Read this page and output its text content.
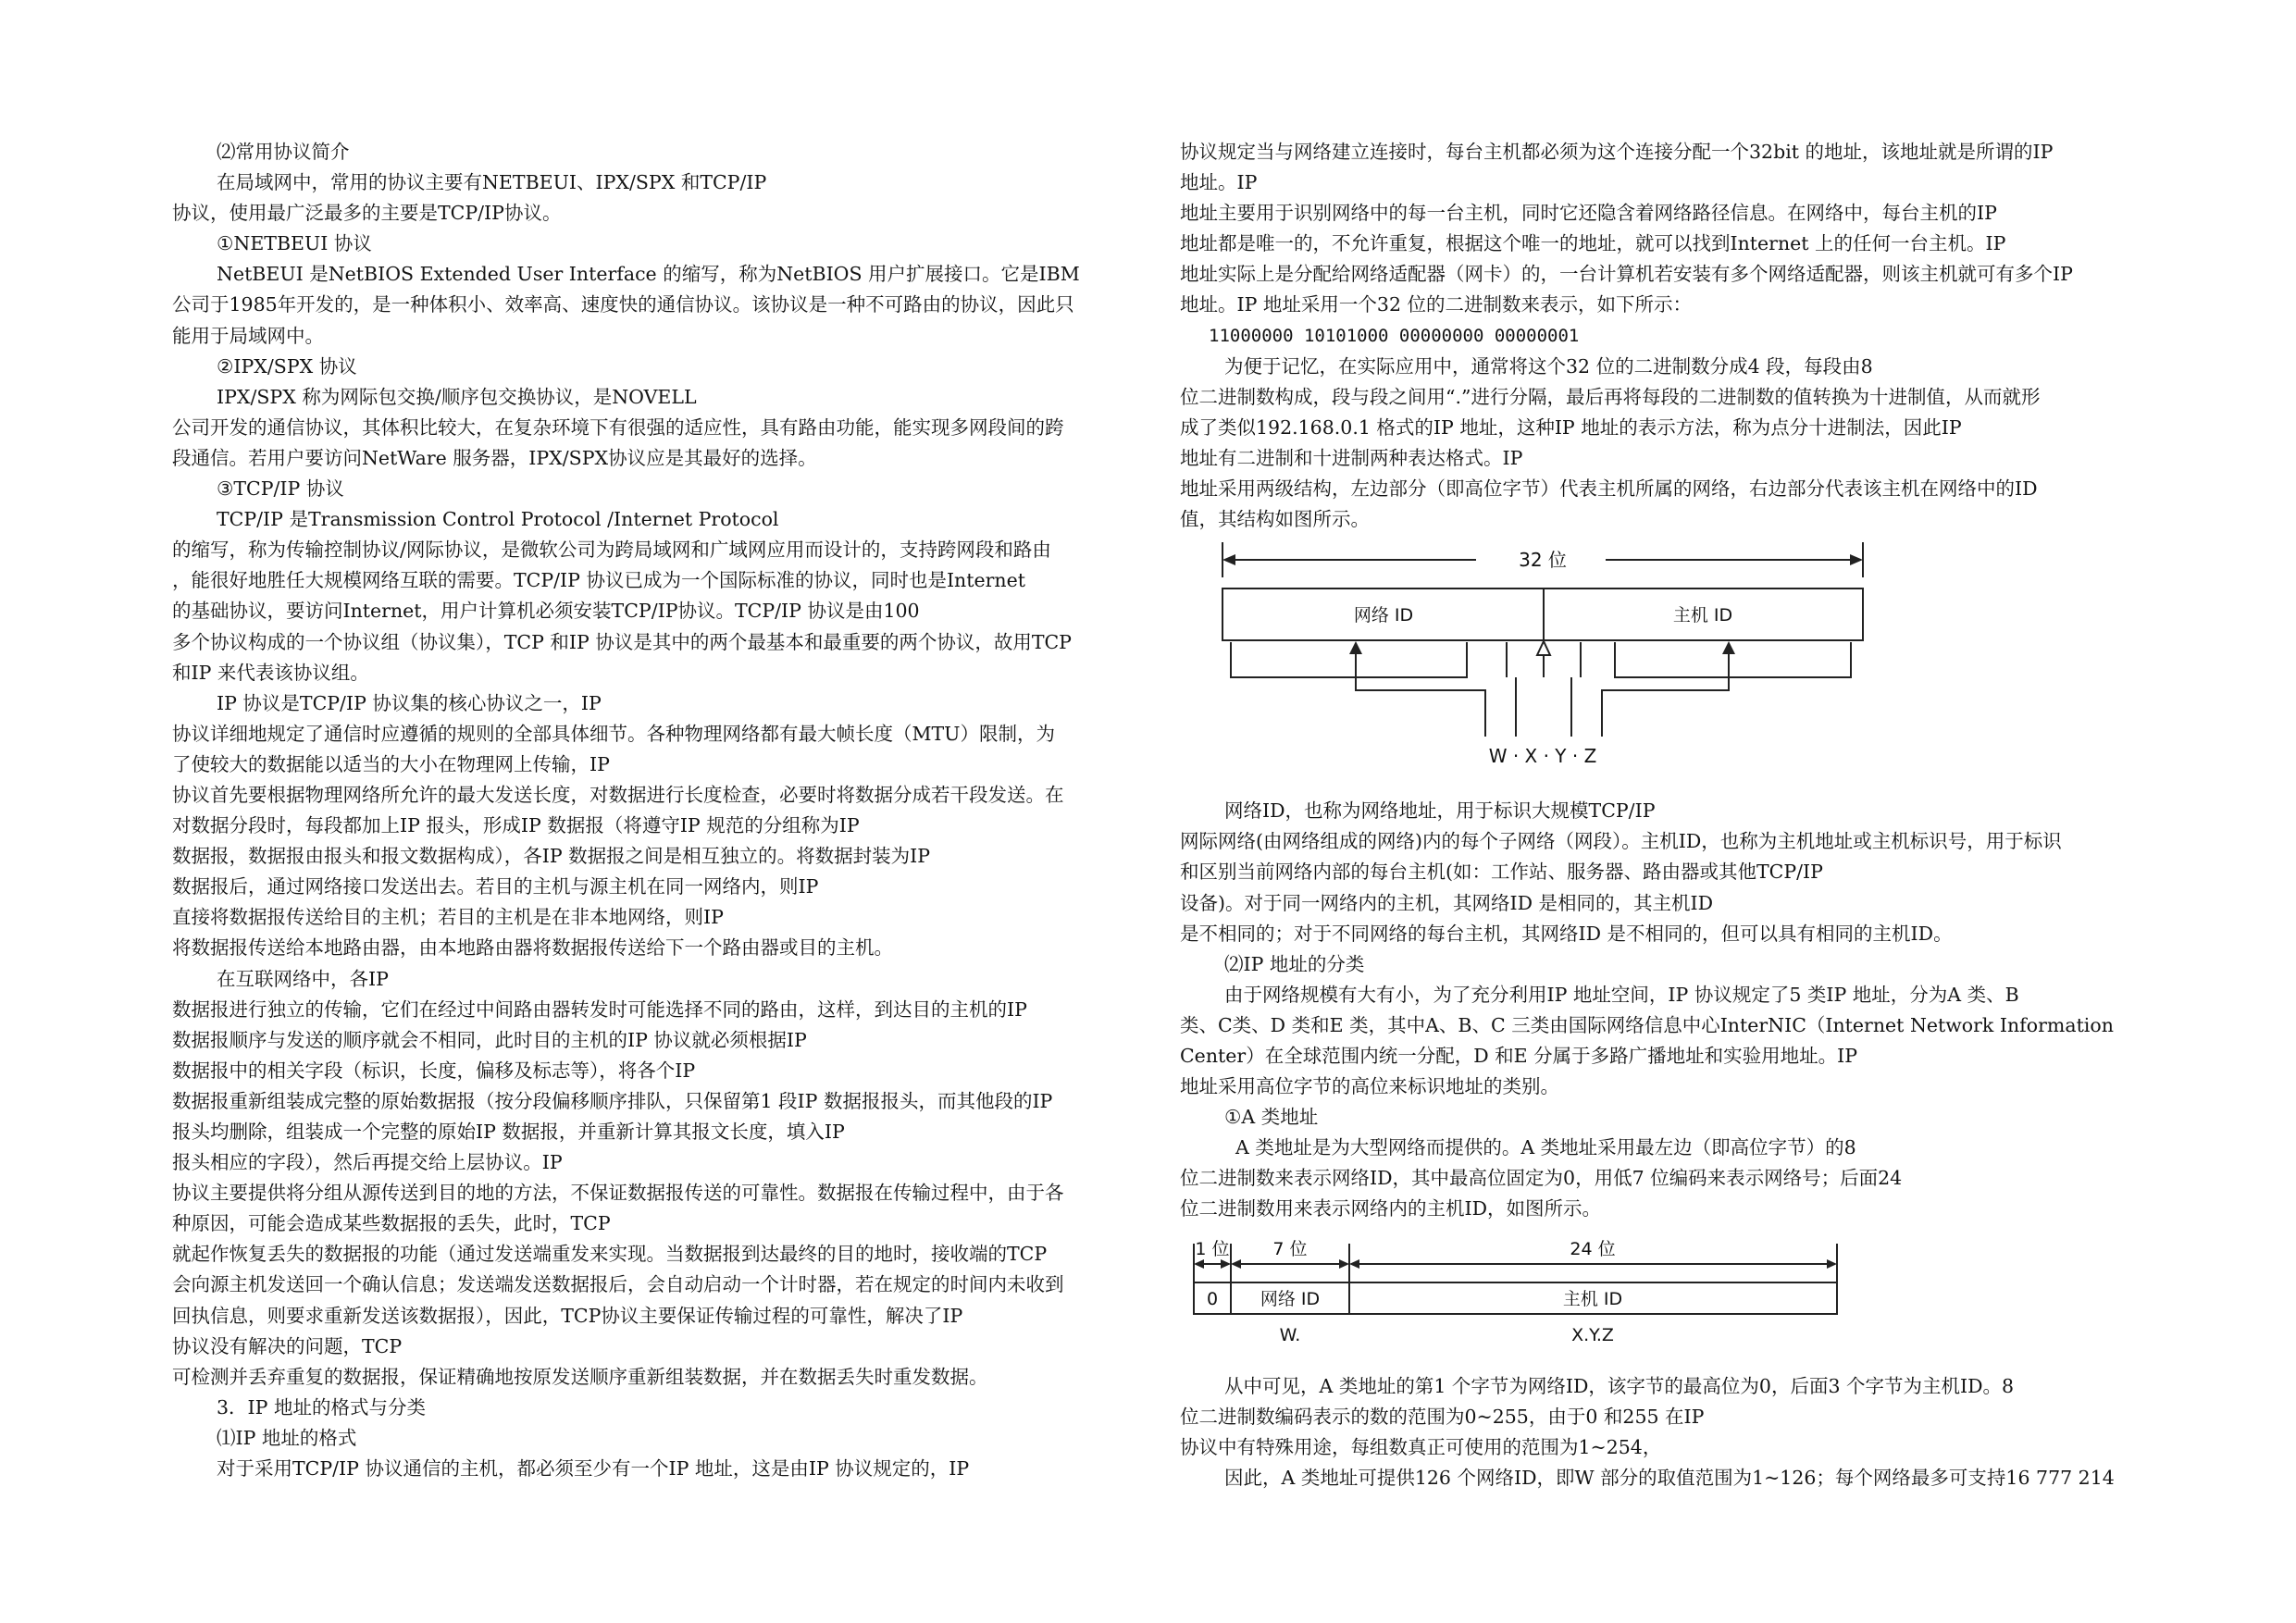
⑵常用协议简介

在局域网中，常用的协议主要有NETBEUI、IPX/SPX 和TCP/IP

协议，使用最广泛最多的主要是TCP/IP协议。

①NETBEUI 协议

NetBEUI 是NetBIOS Extended User Interface 的缩写，称为NetBIOS 用户扩展接口。它是IBM

公司于1985年开发的，是一种体积小、效率高、速度快的通信协议。该协议是一种不可路由的协议，因此只

能用于局域网中。

②IPX/SPX 协议

IPX/SPX 称为网际包交换/顺序包交换协议，是NOVELL

公司开发的通信协议，其体积比较大，在复杂环境下有很强的适应性，具有路由功能，能实现多网段间的跨

段通信。若用户要访问NetWare 服务器，IPX/SPX协议应是其最好的选择。

③TCP/IP 协议

TCP/IP 是Transmission Control Protocol /Internet Protocol

的缩写，称为传输控制协议/网际协议，是微软公司为跨局域网和广域网应用而设计的，支持跨网段和路由

，能很好地胜任大规模网络互联的需要。TCP/IP 协议已成为一个国际标准的协议，同时也是Internet

的基础协议，要访问Internet，用户计算机必须安装TCP/IP协议。TCP/IP 协议是由100

多个协议构成的一个协议组（协议集），TCP 和IP 协议是其中的两个最基本和最重要的两个协议，故用TCP

和IP 来代表该协议组。

IP 协议是TCP/IP 协议集的核心协议之一，IP

协议详细地规定了通信时应遵循的规则的全部具体细节。各种物理网络都有最大帧长度（MTU）限制，为

了使较大的数据能以适当的大小在物理网上传输，IP

协议首先要根据物理网络所允许的最大发送长度，对数据进行长度检查，必要时将数据分成若干段发送。在

对数据分段时，每段都加上IP 报头，形成IP 数据报（将遵守IP 规范的分组称为IP

数据报，数据报由报头和报文数据构成），各IP 数据报之间是相互独立的。将数据封装为IP

数据报后，通过网络接口发送出去。若目的主机与源主机在同一网络内，则IP

直接将数据报传送给目的主机；若目的主机是在非本地网络，则IP

将数据报传送给本地路由器，由本地路由器将数据报传送给下一个路由器或目的主机。

在互联网络中，各IP

数据报进行独立的传输，它们在经过中间路由器转发时可能选择不同的路由，这样，到达目的主机的IP

数据报顺序与发送的顺序就会不相同，此时目的主机的IP 协议就必须根据IP

数据报中的相关字段（标识，长度，偏移及标志等），将各个IP

数据报重新组装成完整的原始数据报（按分段偏移顺序排队，只保留第1 段IP 数据报报头，而其他段的IP

报头均删除，组装成一个完整的原始IP 数据报，并重新计算其报文长度，填入IP

报头相应的字段），然后再提交给上层协议。IP

协议主要提供将分组从源传送到目的地的方法，不保证数据报传送的可靠性。数据报在传输过程中，由于各

种原因，可能会造成某些数据报的丢失，此时，TCP

就起作恢复丢失的数据报的功能（通过发送端重发来实现。当数据报到达最终的目的地时，接收端的TCP

会向源主机发送回一个确认信息；发送端发送数据报后，会自动启动一个计时器，若在规定的时间内未收到

回执信息，则要求重新发送该数据报），因此，TCP协议主要保证传输过程的可靠性，解决了IP

协议没有解决的问题，TCP

可检测并丢弃重复的数据报，保证精确地按原发送顺序重新组装数据，并在数据丢失时重发数据。

3．IP 地址的格式与分类

⑴IP 地址的格式

对于采用TCP/IP 协议通信的主机，都必须至少有一个IP 地址，这是由IP 协议规定的，IP

协议规定当与网络建立连接时，每台主机都必须为这个连接分配一个32bit 的地址，该地址就是所谓的IP

地址。IP

地址主要用于识别网络中的每一台主机，同时它还隐含着网络路径信息。在网络中，每台主机的IP

地址都是唯一的，不允许重复，根据这个唯一的地址，就可以找到Internet 上的任何一台主机。IP

地址实际上是分配给网络适配器（网卡）的，一台计算机若安装有多个网络适配器，则该主机就可有多个IP

地址。IP 地址采用一个32 位的二进制数来表示，如下所示：

11000000 10101000 00000000 00000001

为便于记忆，在实际应用中，通常将这个32 位的二进制数分成4 段，每段由8

位二进制数构成，段与段之间用“.”进行分隔，最后再将每段的二进制数的值转换为十进制值，从而就形

成了类似192.168.0.1 格式的IP 地址，这种IP 地址的表示方法，称为点分十进制法，因此IP

地址有二进制和十进制两种表达格式。IP

地址采用两级结构，左边部分（即高位字节）代表主机所属的网络，右边部分代表该主机在网络中的ID

值，其结构如图所示。

32 位
网络 ID	主机 ID
W · X · Y · Z

网络ID，也称为网络地址，用于标识大规模TCP/IP

网际网络(由网络组成的网络)内的每个子网络（网段）。主机ID，也称为主机地址或主机标识号，用于标识

和区别当前网络内部的每台主机(如：工作站、服务器、路由器或其他TCP/IP

设备)。对于同一网络内的主机，其网络ID 是相同的，其主机ID

是不相同的；对于不同网络的每台主机，其网络ID 是不相同的，但可以具有相同的主机ID。

⑵IP 地址的分类

由于网络规模有大有小，为了充分利用IP 地址空间，IP 协议规定了5 类IP 地址，分为A 类、B

类、C类、D 类和E 类，其中A、B、C 三类由国际网络信息中心InterNIC（Internet Network Information

Center）在全球范围内统一分配，D 和E 分属于多路广播地址和实验用地址。IP

地址采用高位字节的高位来标识地址的类别。

①A 类地址

A 类地址是为大型网络而提供的。A 类地址采用最左边（即高位字节）的8

位二进制数来表示网络ID，其中最高位固定为0，用低7 位编码来表示网络号；后面24

位二进制数用来表示网络内的主机ID，如图所示。

1 位 7 位	24 位
0 网络 ID	主机 ID
W.	X.Y.Z

从中可见，A 类地址的第1 个字节为网络ID，该字节的最高位为0，后面3 个字节为主机ID。8

位二进制数编码表示的数的范围为0~255，由于0 和255 在IP

协议中有特殊用途，每组数真正可使用的范围为1~254，

因此，A 类地址可提供126 个网络ID，即W 部分的取值范围为1~126；每个网络最多可支持16 777 214
